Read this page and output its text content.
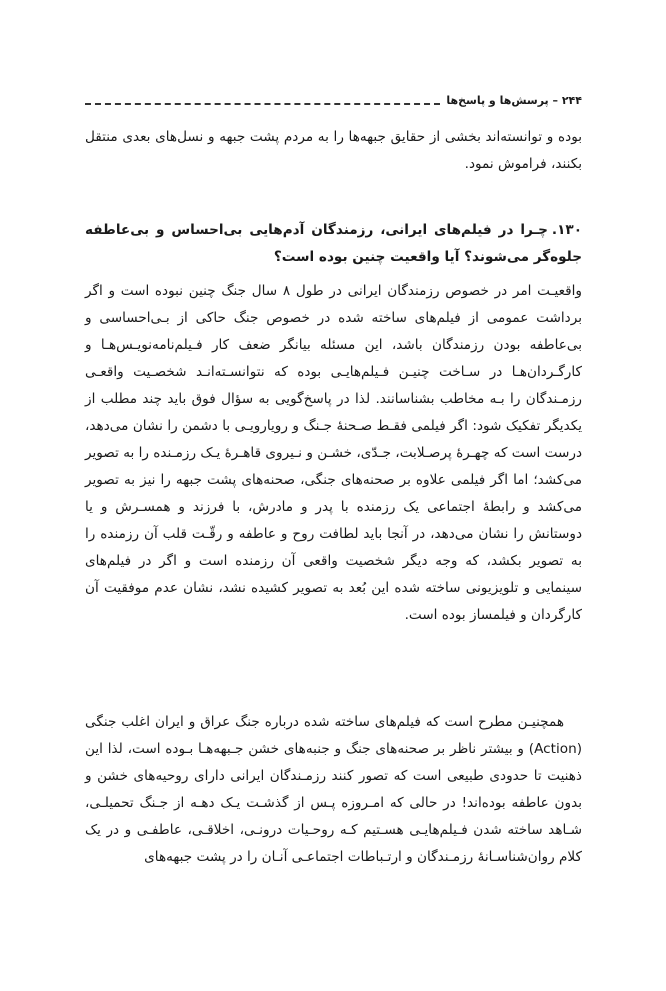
۲۴۴ – پرسش‌ها و پاسخ‌ها

بوده و توانسته‌اند بخشی از حقایق جبهه‌ها را به مردم پشت جبهه و نسل‌های بعدی منتقل بکنند، فراموش نمود.

۱۳۰.چـرا در فیلم‌های ایرانی، رزمندگان آدم‌هایی بی‌احساس و بی‌عاطفه جلوه‌گر می‌شوند؟ آیا واقعیت چنین بوده است؟

واقعیـت امر در خصوص رزمندگان ایرانی در طول ۸ سال جنگ چنین نبوده است و اگر برداشت عمومی از فیلم‌های ساخته شده در خصوص جنگ حاکی از بـی‌احساسی و بی‌عاطفه بودن رزمندگان باشد، این مسئله بیانگر ضعف کار فـیلم‌نامه‌نویـس‌هـا و کارگـردان‌هـا در سـاخت چنیـن فـیلم‌هایـی بوده که نتوانسـته‌انـد شخصـیت واقعـی رزمـندگان را بـه مخاطب بشناسانند. لذا در پاسخ‌گویی به سؤال فوق باید چند مطلب از یکدیگر تفکیک شود: اگر فیلمی فقـط صـحنهٔ جـنگ و رویارویـی با دشمن را نشان می‌دهد، درست است که چهـرهٔ پرصـلابت، جـدّی، خشـن و نـیروی قاهـرهٔ یـک رزمـنده را به تصویر می‌کشد؛ اما اگر فیلمی علاوه بر صحنه‌های جنگی، صحنه‌های پشت جبهه را نیز به تصویر می‌کشد و رابطهٔ اجتماعی یک رزمنده با پدر و مادرش، با فرزند و همسـرش و یا دوستانش را نشان می‌دهد، در آنجا باید لطافت روح و عاطفه و رقّـت قلب آن رزمنده را به تصویر بکشد، که وجه دیگر شخصیت واقعی آن رزمنده است و اگر در فیلم‌های سینمایی و تلویزیونی ساخته شده این بُعد به تصویر کشیده نشد، نشان عدم موفقیت آن کارگردان و فیلمساز بوده است.

همچنیـن مطرح است که فیلم‌های ساخته شده درباره جنگ عراق و ایران اغلب جنگی (Action) و بیشتر ناظر بر صحنه‌های جنگ و جنبه‌های خشن جـبهه‌هـا بـوده است، لذا این ذهنیت تا حدودی طبیعی است که تصور کنند رزمـندگان ایرانی دارای روحیه‌های خشن و بدون عاطفه بوده‌اند! در حالی که امـروزه پـس از گذشـت یـک دهـه از جـنگ تحمیلـی، شـاهد ساخته شدن فـیلم‌هایـی هسـتیم کـه روحـیات درونـی، اخلاقـی، عاطفـی و در یک کلام روان‌شناسـانهٔ رزمـندگان و ارتـباطات اجتماعـی آنـان را در پشت جبهه‌های
